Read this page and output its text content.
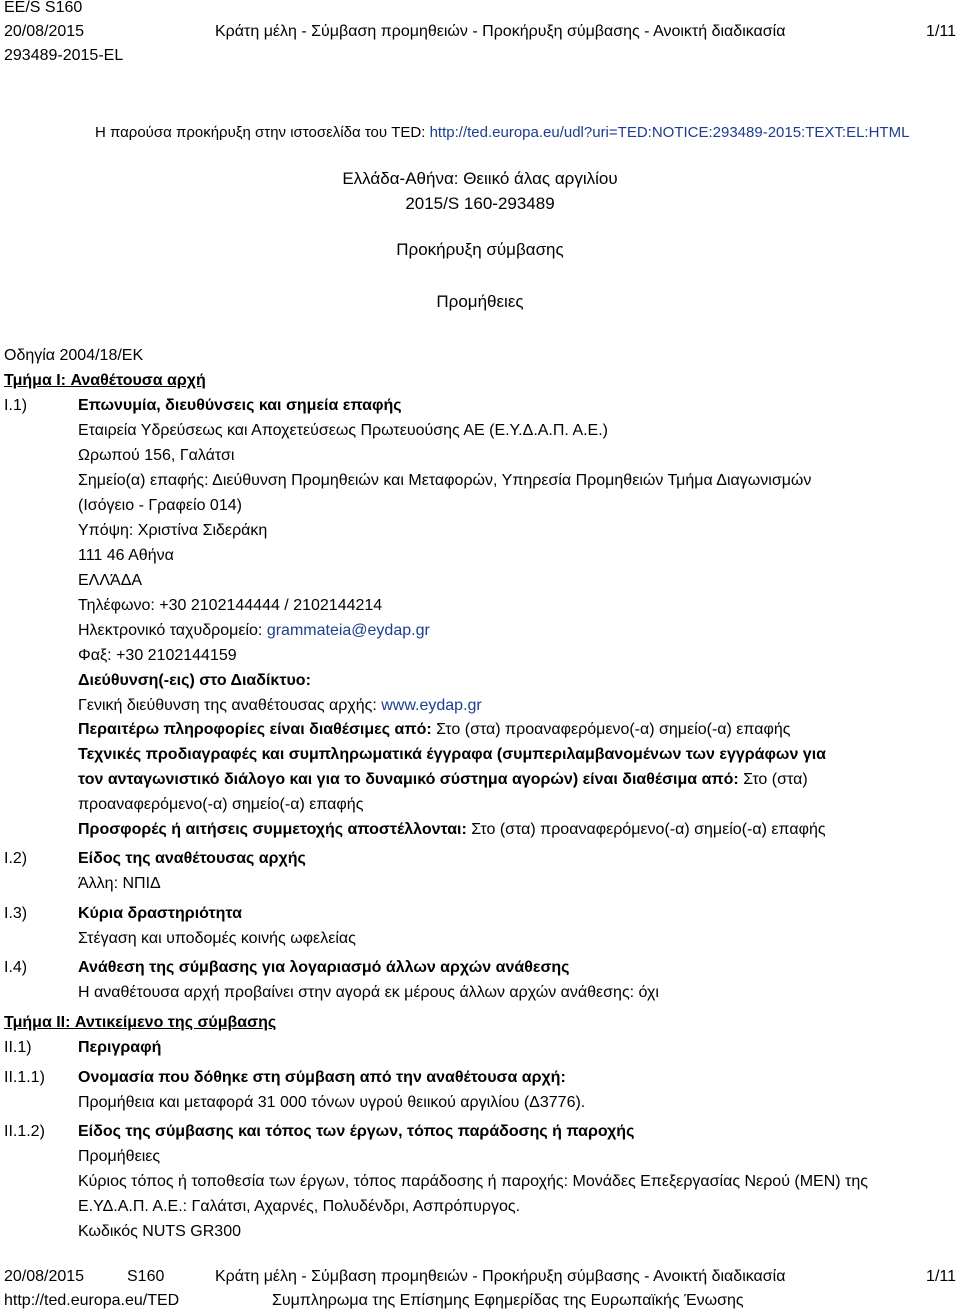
EE/S S160
20/08/2015
293489-2015-EL
Κράτη μέλη - Σύμβαση προμηθειών - Προκήρυξη σύμβασης - Ανοικτή διαδικασία	1/11
Η παρούσα προκήρυξη στην ιστοσελίδα του TED: http://ted.europa.eu/udl?uri=TED:NOTICE:293489-2015:TEXT:EL:HTML
Ελλάδα-Αθήνα: Θειικό άλας αργιλίου
2015/S 160-293489
Προκήρυξη σύμβασης
Προμήθειες
Οδηγία 2004/18/ΕΚ
Τμήμα I: Αναθέτουσα αρχή
I.1)	Επωνυμία, διευθύνσεις και σημεία επαφής
Εταιρεία Υδρεύσεως και Αποχετεύσεως Πρωτευούσης ΑΕ (Ε.Υ.Δ.Α.Π. Α.Ε.)
Ωρωπού 156, Γαλάτσι
Σημείο(α) επαφής: Διεύθυνση Προμηθειών και Μεταφορών, Υπηρεσία Προμηθειών Τμήμα Διαγωνισμών
(Ισόγειο - Γραφείο 014)
Υπόψη: Χριστίνα Σιδεράκη
111 46 Αθήνα
ΕΛΛΆΔΑ
Τηλέφωνο: +30 2102144444 / 2102144214
Ηλεκτρονικό ταχυδρομείο: grammateia@eydap.gr
Φαξ: +30 2102144159
Διεύθυνση(-εις) στο Διαδίκτυο:
Γενική διεύθυνση της αναθέτουσας αρχής: www.eydap.gr
Περαιτέρω πληροφορίες είναι διαθέσιμες από: Στο (στα) προαναφερόμενο(-α) σημείο(-α) επαφής
Τεχνικές προδιαγραφές και συμπληρωματικά έγγραφα (συμπεριλαμβανομένων των εγγράφων για
τον ανταγωνιστικό διάλογο και για το δυναμικό σύστημα αγορών) είναι διαθέσιμα από: Στο (στα)
προαναφερόμενο(-α) σημείο(-α) επαφής
Προσφορές ή αιτήσεις συμμετοχής αποστέλλονται: Στο (στα) προαναφερόμενο(-α) σημείο(-α) επαφής
I.2)	Είδος της αναθέτουσας αρχής
Άλλη: ΝΠΙΔ
I.3)	Κύρια δραστηριότητα
Στέγαση και υποδομές κοινής ωφελείας
I.4)	Ανάθεση της σύμβασης για λογαριασμό άλλων αρχών ανάθεσης
Η αναθέτουσα αρχή προβαίνει στην αγορά εκ μέρους άλλων αρχών ανάθεσης: όχι
Τμήμα II: Αντικείμενο της σύμβασης
II.1)	Περιγραφή
II.1.1) Ονομασία που δόθηκε στη σύμβαση από την αναθέτουσα αρχή:
Προμήθεια και μεταφορά 31 000 τόνων υγρού θειικού αργιλίου (Δ3776).
II.1.2) Είδος της σύμβασης και τόπος των έργων, τόπος παράδοσης ή παροχής
Προμήθειες
Κύριος τόπος ή τοποθεσία των έργων, τόπος παράδοσης ή παροχής: Μονάδες Επεξεργασίας Νερού (ΜΕΝ) της
Ε.ΥΔ.Α.Π. Α.Ε.: Γαλάτσι, Αχαρνές, Πολυδένδρι, Ασπρόπυργος.
Κωδικός NUTS GR300
20/08/2015	S160	Κράτη μέλη - Σύμβαση προμηθειών - Προκήρυξη σύμβασης - Ανοικτή διαδικασία	1/11
http://ted.europa.eu/TED	Συμπληρωμα της Επίσημης Εφημερίδας της Ευρωπαϊκής Ένωσης
